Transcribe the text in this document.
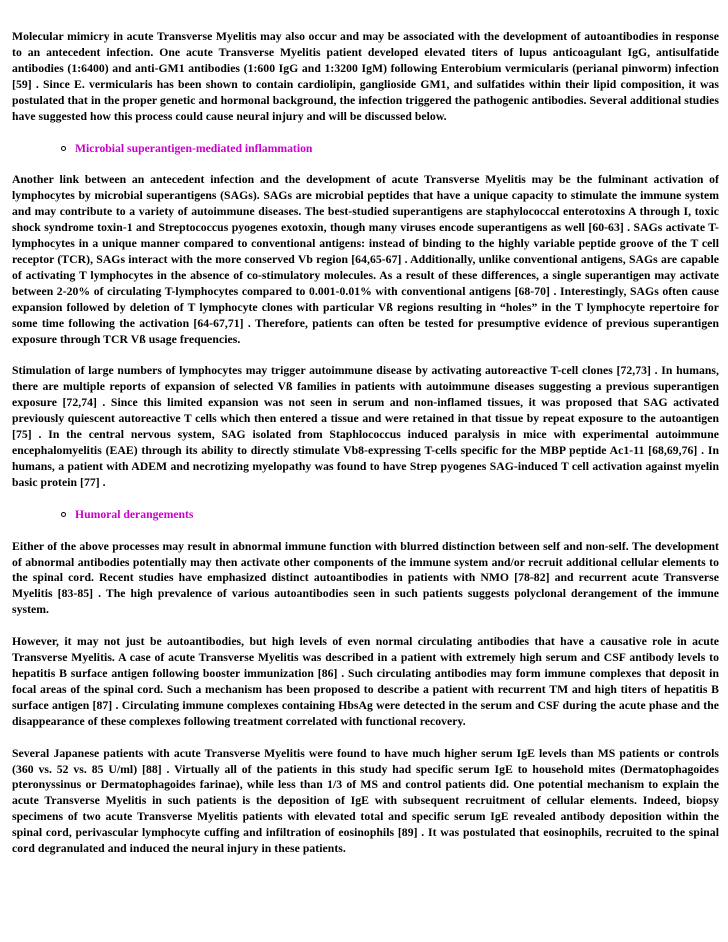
Molecular mimicry in acute Transverse Myelitis may also occur and may be associated with the development of autoantibodies in response to an antecedent infection. One acute Transverse Myelitis patient developed elevated titers of lupus anticoagulant IgG, antisulfatide antibodies (1:6400) and anti-GM1 antibodies (1:600 IgG and 1:3200 IgM) following Enterobium vermicularis (perianal pinworm) infection [59] . Since E. vermicularis has been shown to contain cardiolipin, ganglioside GM1, and sulfatides within their lipid composition, it was postulated that in the proper genetic and hormonal background, the infection triggered the pathogenic antibodies. Several additional studies have suggested how this process could cause neural injury and will be discussed below.

Microbial superantigen-mediated inflammation

Another link between an antecedent infection and the development of acute Transverse Myelitis may be the fulminant activation of lymphocytes by microbial superantigens (SAGs). SAGs are microbial peptides that have a unique capacity to stimulate the immune system and may contribute to a variety of autoimmune diseases. The best-studied superantigens are staphylococcal enterotoxins A through I, toxic shock syndrome toxin-1 and Streptococcus pyogenes exotoxin, though many viruses encode superantigens as well [60-63] . SAGs activate T-lymphocytes in a unique manner compared to conventional antigens: instead of binding to the highly variable peptide groove of the T cell receptor (TCR), SAGs interact with the more conserved Vb region [64,65-67] . Additionally, unlike conventional antigens, SAGs are capable of activating T lymphocytes in the absence of co-stimulatory molecules. As a result of these differences, a single superantigen may activate between 2-20% of circulating T-lymphocytes compared to 0.001-0.01% with conventional antigens [68-70] . Interestingly, SAGs often cause expansion followed by deletion of T lymphocyte clones with particular Vß regions resulting in “holes” in the T lymphocyte repertoire for some time following the activation [64-67,71] . Therefore, patients can often be tested for presumptive evidence of previous superantigen exposure through TCR Vß usage frequencies.

Stimulation of large numbers of lymphocytes may trigger autoimmune disease by activating autoreactive T-cell clones [72,73] . In humans, there are multiple reports of expansion of selected Vß families in patients with autoimmune diseases suggesting a previous superantigen exposure [72,74] . Since this limited expansion was not seen in serum and non-inflamed tissues, it was proposed that SAG activated previously quiescent autoreactive T cells which then entered a tissue and were retained in that tissue by repeat exposure to the autoantigen [75] . In the central nervous system, SAG isolated from Staphlococcus induced paralysis in mice with experimental autoimmune encephalomyelitis (EAE) through its ability to directly stimulate Vb8-expressing T-cells specific for the MBP peptide Ac1-11 [68,69,76] . In humans, a patient with ADEM and necrotizing myelopathy was found to have Strep pyogenes SAG-induced T cell activation against myelin basic protein [77] .

Humoral derangements

Either of the above processes may result in abnormal immune function with blurred distinction between self and non-self. The development of abnormal antibodies potentially may then activate other components of the immune system and/or recruit additional cellular elements to the spinal cord. Recent studies have emphasized distinct autoantibodies in patients with NMO [78-82] and recurrent acute Transverse Myelitis [83-85] . The high prevalence of various autoantibodies seen in such patients suggests polyclonal derangement of the immune system.

However, it may not just be autoantibodies, but high levels of even normal circulating antibodies that have a causative role in acute Transverse Myelitis. A case of acute Transverse Myelitis was described in a patient with extremely high serum and CSF antibody levels to hepatitis B surface antigen following booster immunization [86] . Such circulating antibodies may form immune complexes that deposit in focal areas of the spinal cord. Such a mechanism has been proposed to describe a patient with recurrent TM and high titers of hepatitis B surface antigen [87] . Circulating immune complexes containing HbsAg were detected in the serum and CSF during the acute phase and the disappearance of these complexes following treatment correlated with functional recovery.

Several Japanese patients with acute Transverse Myelitis were found to have much higher serum IgE levels than MS patients or controls (360 vs. 52 vs. 85 U/ml) [88] . Virtually all of the patients in this study had specific serum IgE to household mites (Dermatophagoides pteronyssinus or Dermatophagoides farinae), while less than 1/3 of MS and control patients did. One potential mechanism to explain the acute Transverse Myelitis in such patients is the deposition of IgE with subsequent recruitment of cellular elements. Indeed, biopsy specimens of two acute Transverse Myelitis patients with elevated total and specific serum IgE revealed antibody deposition within the spinal cord, perivascular lymphocyte cuffing and infiltration of eosinophils [89] . It was postulated that eosinophils, recruited to the spinal cord degranulated and induced the neural injury in these patients.
